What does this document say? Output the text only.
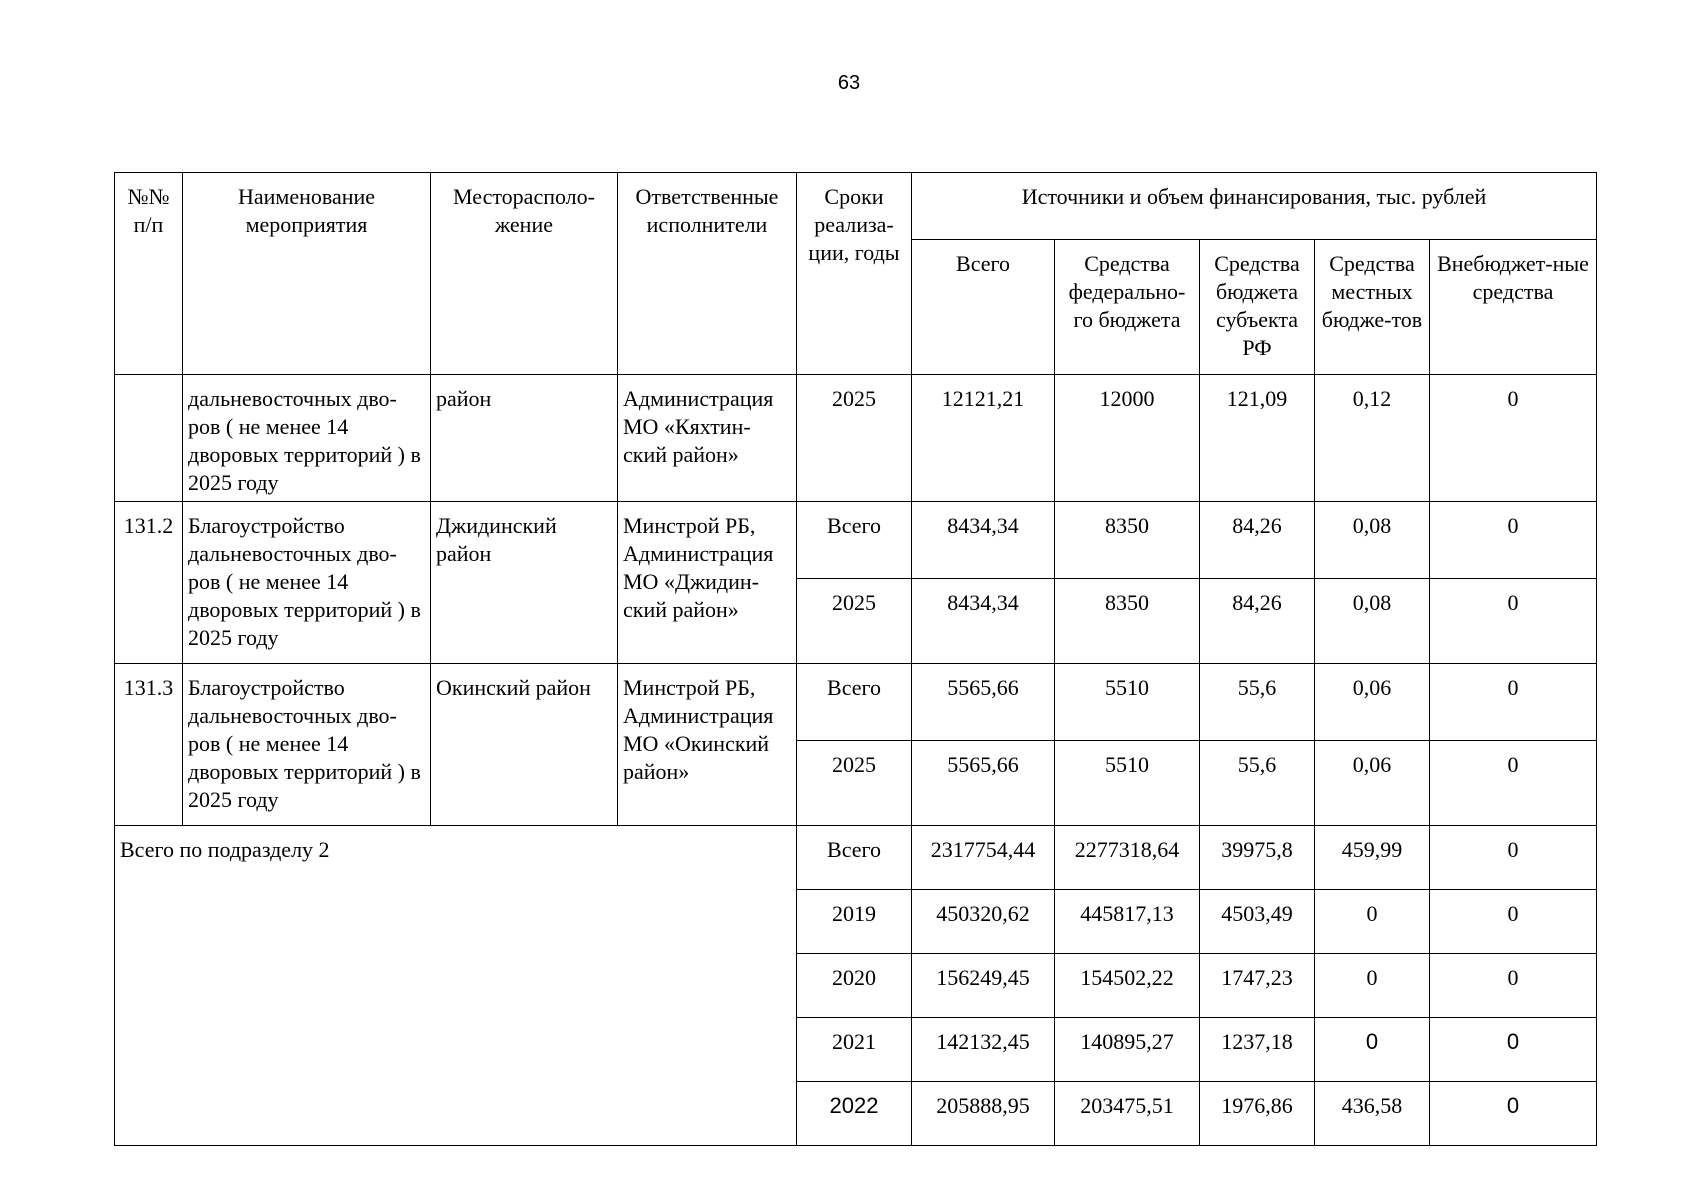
63
№№ п/п	Наименование мероприятия	Месторасполо-жение	Ответственные исполнители	Сроки реализа-ции, годы	Источники и объем финансирования, тыс. рублей				
					Всего	Средства федерально-го бюджета	Средства бюджета субъекта РФ	Средства местных бюдже-тов	Внебюджет-ные средства
	дальневосточных дво-ров ( не менее 14 дворовых территорий ) в 2025 году	район	Администрация МО «Кяхтин-ский район»	2025	12121,21	12000	121,09	0,12	0
131.2	Благоустройство дальневосточных дво-ров ( не менее 14 дворовых территорий ) в 2025 году	Джидинский район	Минстрой РБ, Администрация МО «Джидин-ский район»	Всего	8434,34	8350	84,26	0,08	0
				2025	8434,34	8350	84,26	0,08	0
131.3	Благоустройство дальневосточных дво-ров ( не менее 14 дворовых территорий ) в 2025 году	Окинский район	Минстрой РБ, Администрация МО «Окинский район»	Всего	5565,66	5510	55,6	0,06	0
				2025	5565,66	5510	55,6	0,06	0
Всего по подразделу 2				Всего	2317754,44	2277318,64	39975,8	459,99	0
				2019	450320,62	445817,13	4503,49	0	0
				2020	156249,45	154502,22	1747,23	0	0
				2021	142132,45	140895,27	1237,18	0	0
				2022	205888,95	203475,51	1976,86	436,58	0
